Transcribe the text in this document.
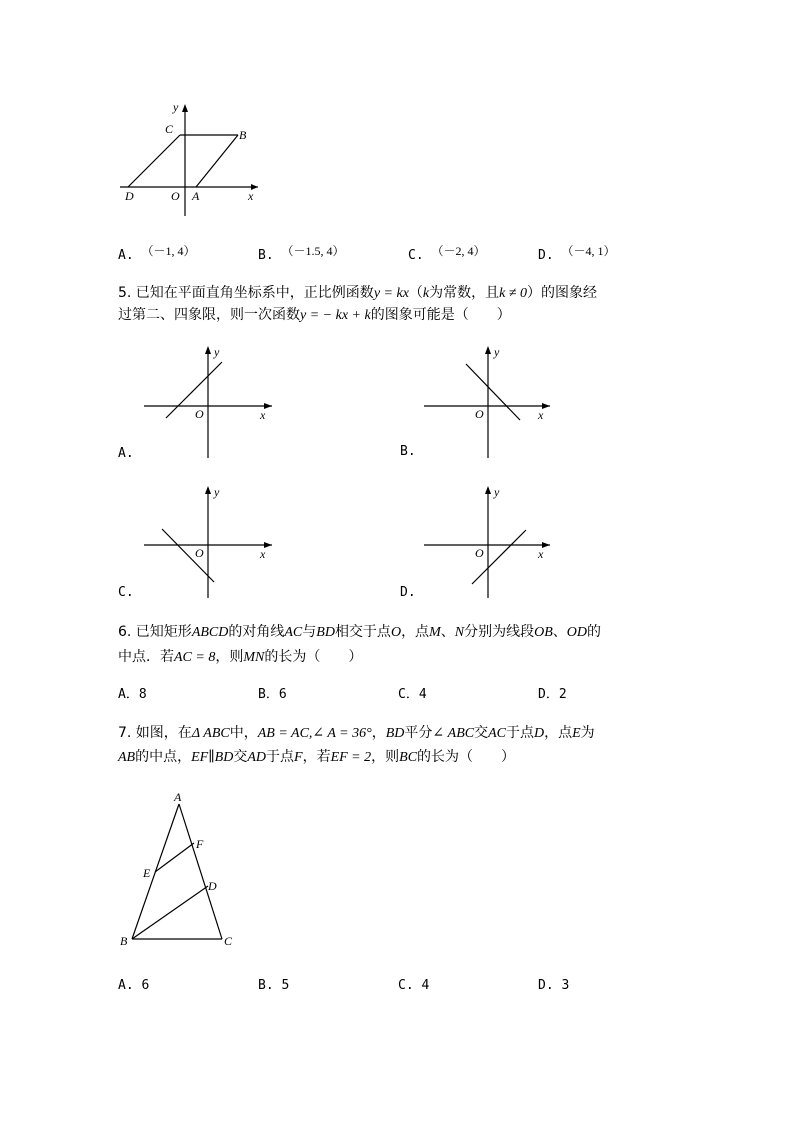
y
C	B
D	O A	x
A. （－1, 4）	B. （－1.5, 4）	C. （－2, 4）	D. （－4, 1）
5. 已知在平面直角坐标系中，正比例函数y = kx（k为常数，且k ≠ 0）的图象经
过第二、四象限，则一次函数y = − kx + k的图象可能是（　　）
y
O	x
A.
y
O	x
B.
y
O	x
C.
y
O	x
D.
6. 已知矩形ABCD的对角线AC与BD相交于点O，点M、N分别为线段OB、OD的
中点．若AC = 8，则MN的长为（　　）
A．8	B．6	C．4	D．2
7. 如图，在Δ ABC中，AB = AC,∠ A = 36°，BD平分∠ ABC交AC于点D，点E为
AB的中点，EF∥BD交AD于点F，若EF = 2，则BC的长为（　　）
A
F
E
D
B	C
A. 6	B. 5	C. 4	D. 3
